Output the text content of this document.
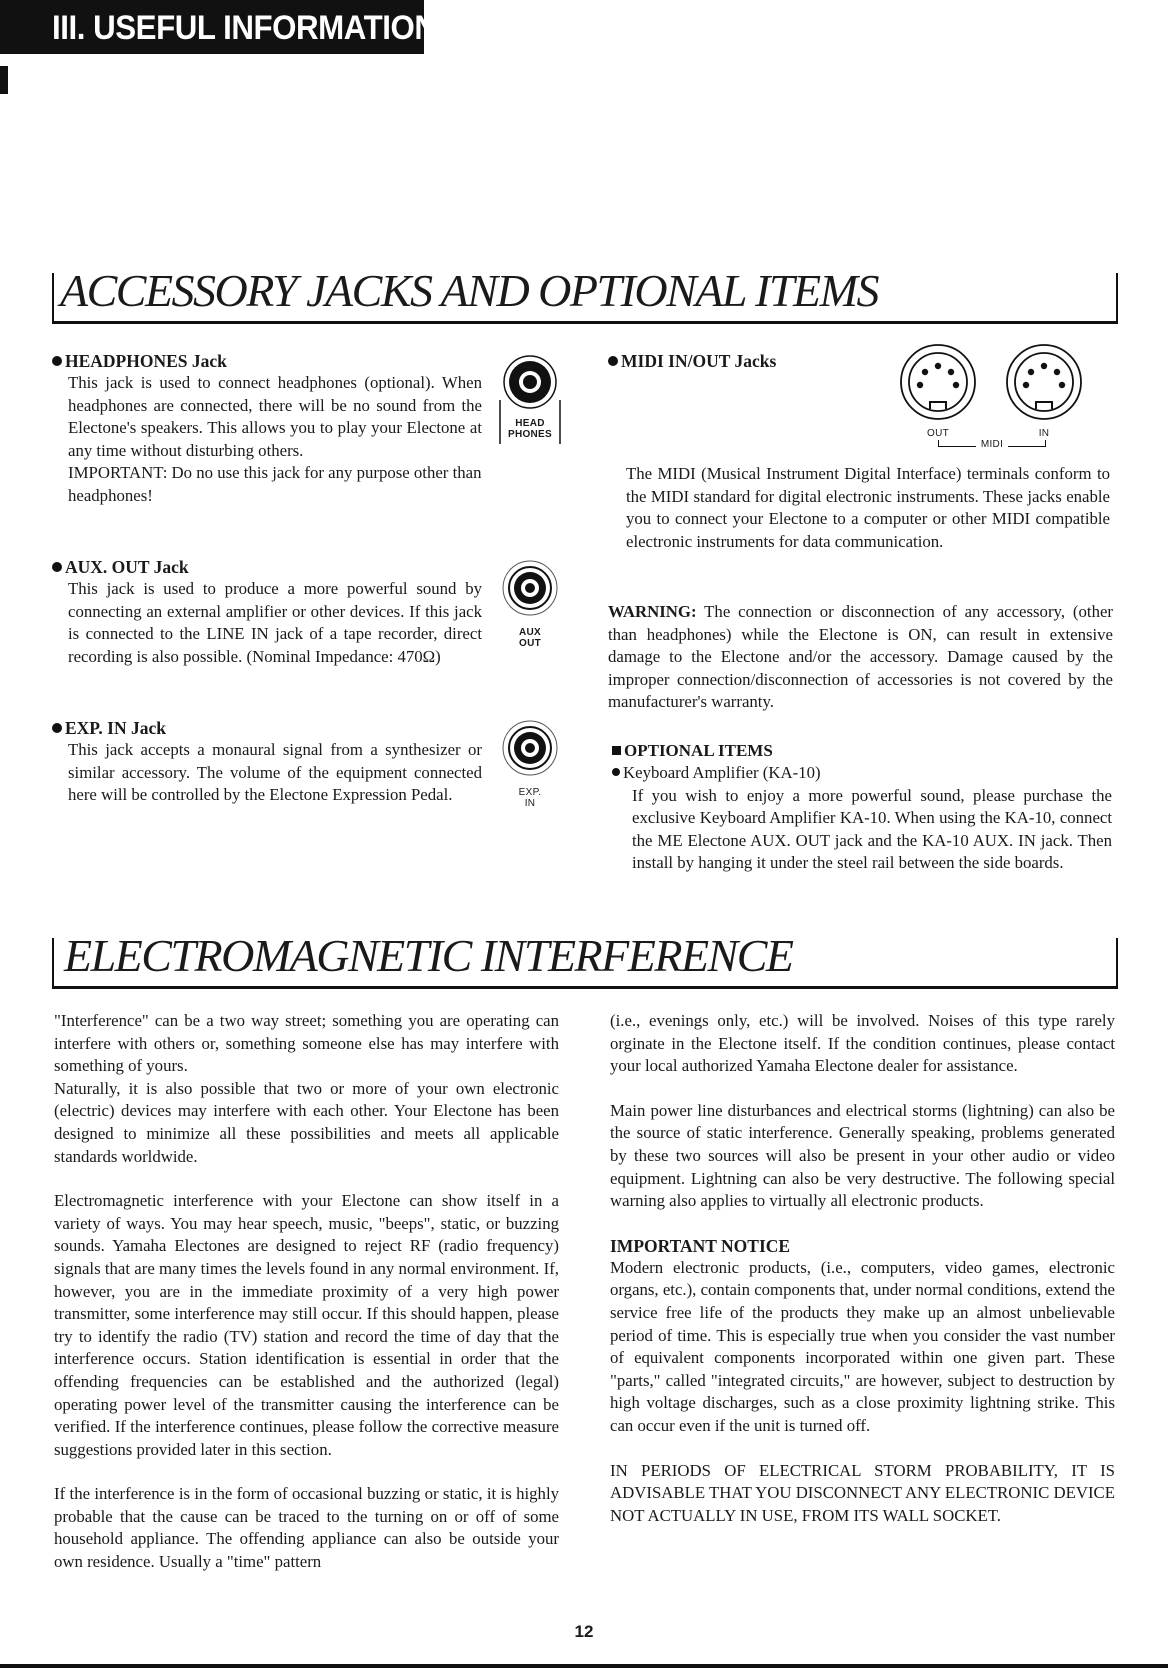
III. USEFUL INFORMATION
ACCESSORY JACKS AND OPTIONAL ITEMS

HEADPHONES Jack

This jack is used to connect headphones (optional). When headphones are connected, there will be no sound from the Electone's speakers. This allows you to play your Electone at any time without disturbing others.

IMPORTANT: Do no use this jack for any purpose other than headphones!

HEAD
PHONES

AUX. OUT Jack

This jack is used to produce a more powerful sound by connecting an external amplifier or other devices. If this jack is connected to the LINE IN jack of a tape recorder, direct recording is also possible. (Nominal Impedance: 470Ω)

AUX
OUT

EXP. IN Jack

This jack accepts a monaural signal from a synthesizer or similar accessory. The volume of the equipment connected here will be controlled by the Electone Expression Pedal.	EXP.
IN

MIDI IN/OUT Jacks

OUT	IN
MIDI

The MIDI (Musical Instrument Digital Interface) terminals conform to the MIDI standard for digital electronic instruments. These jacks enable you to connect your Electone to a computer or other MIDI compatible electronic instruments for data communication.

WARNING: The connection or disconnection of any accessory, (other than headphones) while the Electone is ON, can result in extensive damage to the Electone and/or the accessory. Damage caused by the improper connection/disconnection of accessories is not covered by the manufacturer's warranty.

OPTIONAL ITEMS

Keyboard Amplifier (KA-10)

If you wish to enjoy a more powerful sound, please purchase the exclusive Keyboard Amplifier KA-10. When using the KA-10, connect the ME Electone AUX. OUT jack and the KA-10 AUX. IN jack. Then install by hanging it under the steel rail between the side boards.

ELECTROMAGNETIC INTERFERENCE

"Interference" can be a two way street; something you are operating can interfere with others or, something someone else has may interfere with something of yours.

Naturally, it is also possible that two or more of your own electronic (electric) devices may interfere with each other. Your Electone has been designed to minimize all these possibilities and meets all applicable standards worldwide.

Electromagnetic interference with your Electone can show itself in a variety of ways. You may hear speech, music, "beeps", static, or buzzing sounds. Yamaha Electones are designed to reject RF (radio frequency) signals that are many times the levels found in any normal environment. If, however, you are in the immediate proximity of a very high power transmitter, some interference may still occur. If this should happen, please try to identify the radio (TV) station and record the time of day that the interference occurs. Station identification is essential in order that the offending frequencies can be established and the authorized (legal) operating power level of the transmitter causing the interference can be verified. If the interference continues, please follow the corrective measure suggestions provided later in this section.

If the interference is in the form of occasional buzzing or static, it is highly probable that the cause can be traced to the turning on or off of some household appliance. The offending appliance can also be outside your own residence. Usually a "time" pattern

(i.e., evenings only, etc.) will be involved. Noises of this type rarely orginate in the Electone itself. If the condition continues, please contact your local authorized Yamaha Electone dealer for assistance.

Main power line disturbances and electrical storms (lightning) can also be the source of static interference. Generally speaking, problems generated by these two sources will also be present in your other audio or video equipment. Lightning can also be very destructive. The following special warning also applies to virtually all electronic products.

IMPORTANT NOTICE

Modern electronic products, (i.e., computers, video games, electronic organs, etc.), contain components that, under normal conditions, extend the service free life of the products they make up an almost unbelievable period of time. This is especially true when you consider the vast number of equivalent components incorporated within one given part. These "parts," called "integrated circuits," are however, subject to destruction by high voltage discharges, such as a close proximity lightning strike. This can occur even if the unit is turned off.

IN PERIODS OF ELECTRICAL STORM PROBABILITY, IT IS ADVISABLE THAT YOU DISCONNECT ANY ELECTRONIC DEVICE NOT ACTUALLY IN USE, FROM ITS WALL SOCKET.

12
